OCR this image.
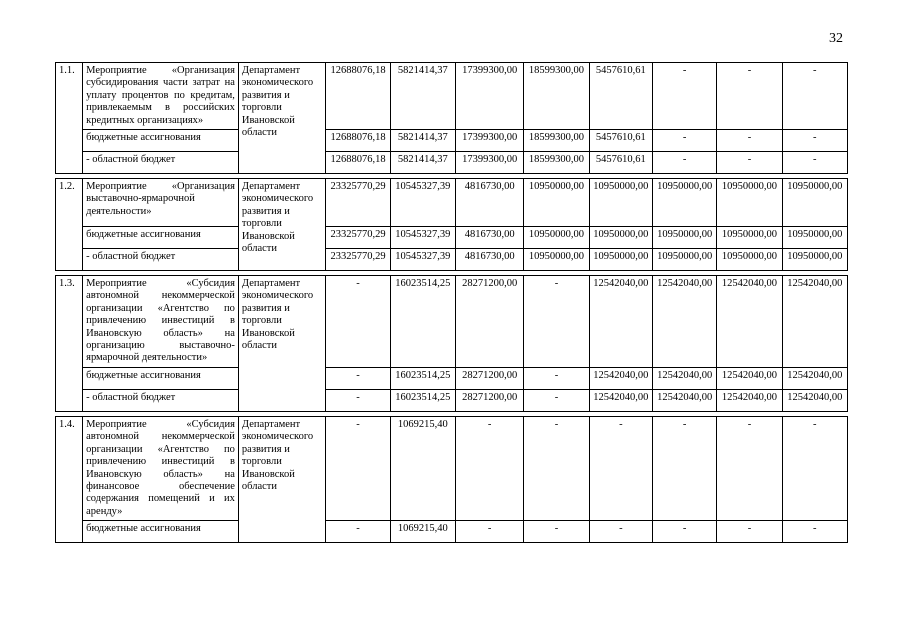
32
1.1.	Мероприятие «Организация субсидирования части затрат на уплату процентов по кредитам, привлекаемым в российских кредитных организациях»	Департамент экономического развития и торговли Ивановской области	12688076,18	5821414,37	17399300,00	18599300,00	5457610,61	-	-	-
	бюджетные ассигнования		12688076,18	5821414,37	17399300,00	18599300,00	5457610,61	-	-	-
	- областной бюджет		12688076,18	5821414,37	17399300,00	18599300,00	5457610,61	-	-	-

1.2.	Мероприятие «Организация выставочно-ярмарочной деятельности»	Департамент экономического развития и торговли Ивановской области	23325770,29	10545327,39	4816730,00	10950000,00	10950000,00	10950000,00	10950000,00	10950000,00
	бюджетные ассигнования		23325770,29	10545327,39	4816730,00	10950000,00	10950000,00	10950000,00	10950000,00	10950000,00
	- областной бюджет		23325770,29	10545327,39	4816730,00	10950000,00	10950000,00	10950000,00	10950000,00	10950000,00

1.3.	Мероприятие «Субсидия автономной некоммерческой организации «Агентство по привлечению инвестиций в Ивановскую область» на организацию выставочно-ярмарочной деятельности»	Департамент экономического развития и торговли Ивановской области	-	16023514,25	28271200,00	-	12542040,00	12542040,00	12542040,00	12542040,00
	бюджетные ассигнования		-	16023514,25	28271200,00	-	12542040,00	12542040,00	12542040,00	12542040,00
	- областной бюджет		-	16023514,25	28271200,00	-	12542040,00	12542040,00	12542040,00	12542040,00

1.4.	Мероприятие «Субсидия автономной некоммерческой организации «Агентство по привлечению инвестиций в Ивановскую область» на финансовое обеспечение содержания помещений и их аренду»	Департамент экономического развития и торговли Ивановской области	-	1069215,40	-	-	-	-	-	-
	бюджетные ассигнования		-	1069215,40	-	-	-	-	-	-
